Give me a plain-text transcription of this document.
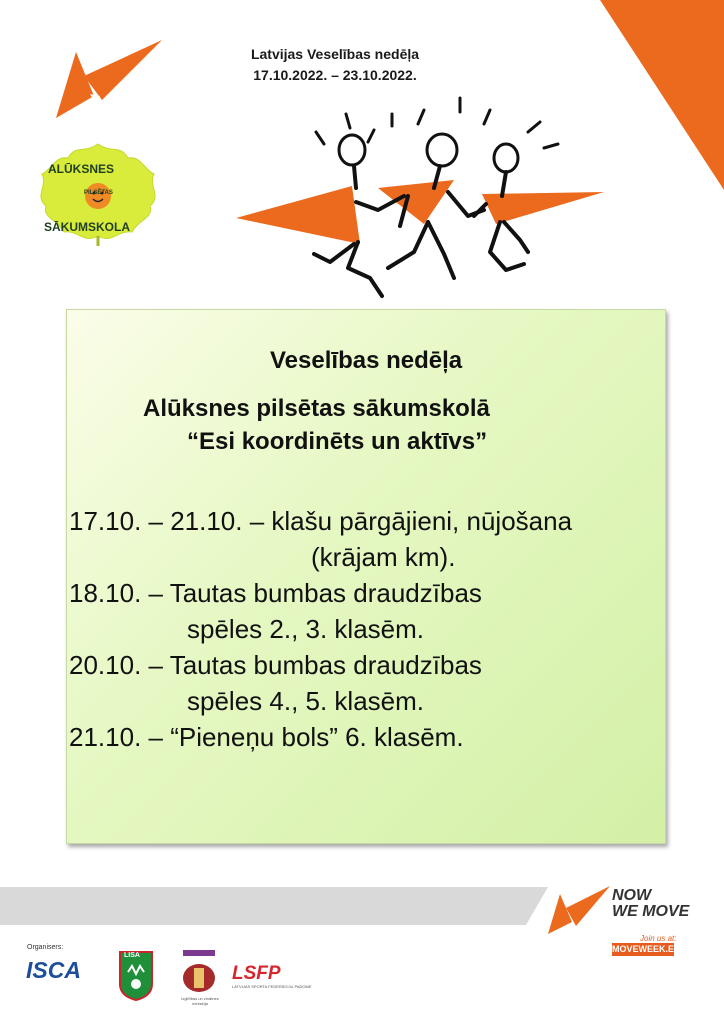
Latvijas Veselības nedēļa
17.10.2022. – 23.10.2022.
ALŪKSNES
PILSĒTAS
SĀKUMSKOLA
Veselības nedēļa
Alūksnes pilsētas sākumskolā
“Esi koordinēts un aktīvs”
17.10. – 21.10. – klašu pārgājieni, nūjošana
(krājam km).
18.10. – Tautas bumbas draudzības
spēles 2., 3. klasēm.
20.10. – Tautas bumbas draudzības
spēles 4., 5. klasēm.
21.10. – “Pieneņu bols” 6. klasēm.
NOW
WE MOVE
Join us at:
MOVEWEEK.EU
Organisers:
ISCA
LISA
Izglītības un zinātnes ministrija
LSFP
LATVIJAS SPORTA FEDERĀCIJU PADOME
